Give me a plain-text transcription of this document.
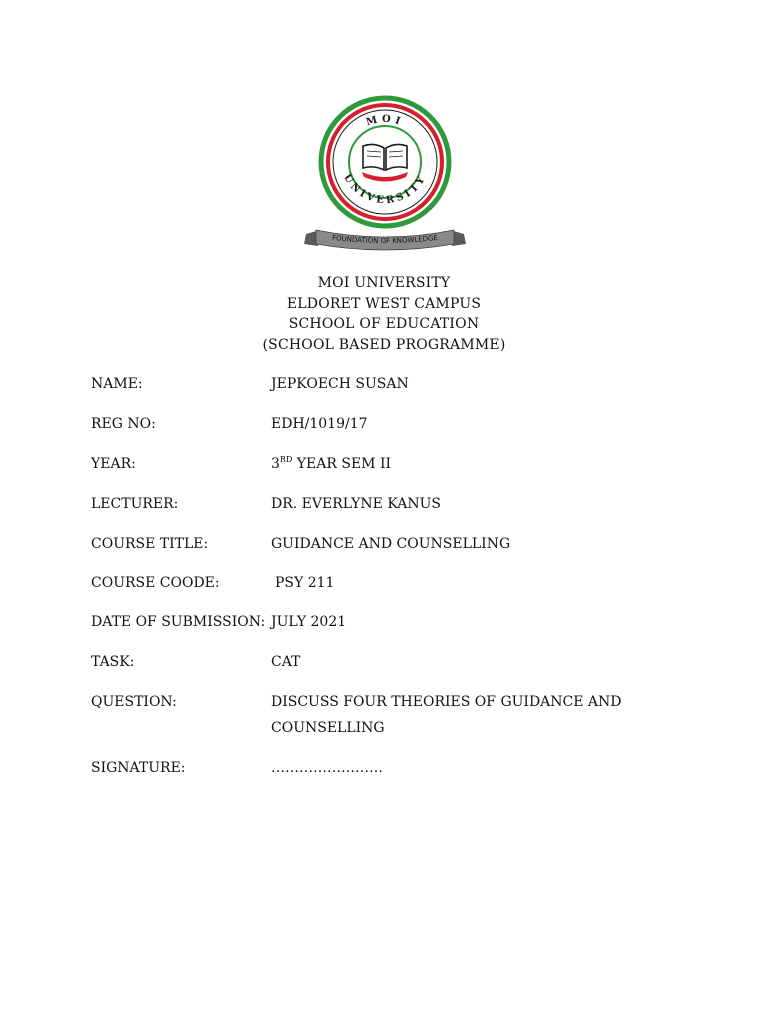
MOI
UNIVERSITY
FOUNDATION OF KNOWLEDGE
MOI UNIVERSITY
ELDORET WEST CAMPUS
SCHOOL OF EDUCATION
(SCHOOL BASED PROGRAMME)
NAME:	JEPKOECH SUSAN
REG NO:	EDH/1019/17
YEAR:	3RD YEAR SEM II
LECTURER:	DR. EVERLYNE KANUS
COURSE TITLE:	GUIDANCE AND COUNSELLING
COURSE COODE:	PSY 211
DATE OF SUBMISSION: JULY 2021
TASK:	CAT
QUESTION:	DISCUSS FOUR THEORIES OF GUIDANCE AND COUNSELLING
SIGNATURE:	……………………
